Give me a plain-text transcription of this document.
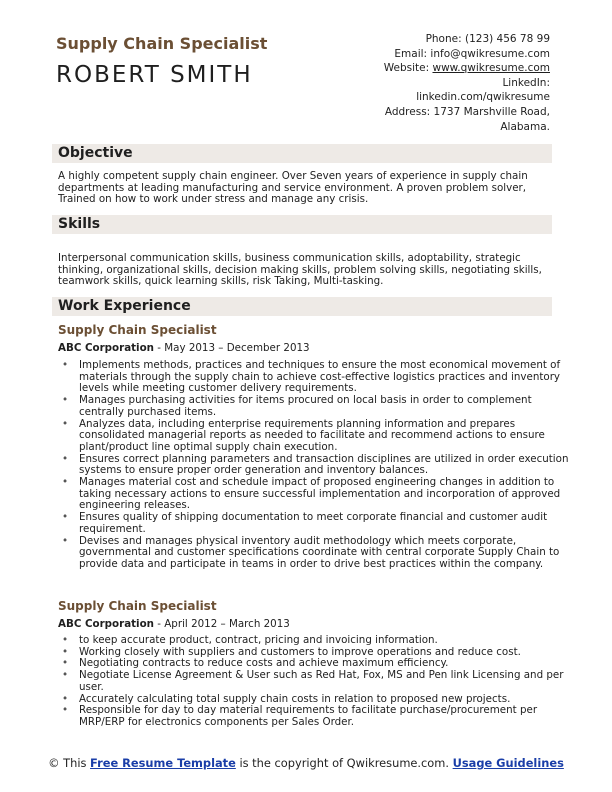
Supply Chain Specialist
ROBERT SMITH
Phone: (123) 456 78 99
Email: info@qwikresume.com
Website: www.qwikresume.com
LinkedIn:
linkedin.com/qwikresume
Address: 1737 Marshville Road,
Alabama.
Objective

A highly competent supply chain engineer. Over Seven years of experience in supply chain departments at leading manufacturing and service environment. A proven problem solver, Trained on how to work under stress and manage any crisis.

Skills

Interpersonal communication skills, business communication skills, adoptability, strategic thinking, organizational skills, decision making skills, problem solving skills, negotiating skills, teamwork skills, quick learning skills, risk Taking, Multi-tasking.

Work Experience
Supply Chain Specialist
ABC Corporation - May 2013 – December 2013
• Implements methods, practices and techniques to ensure the most economical movement of materials through the supply chain to achieve cost-effective logistics practices and inventory levels while meeting customer delivery requirements.
• Manages purchasing activities for items procured on local basis in order to complement centrally purchased items.
• Analyzes data, including enterprise requirements planning information and prepares consolidated managerial reports as needed to facilitate and recommend actions to ensure plant/product line optimal supply chain execution.
• Ensures correct planning parameters and transaction disciplines are utilized in order execution systems to ensure proper order generation and inventory balances.
• Manages material cost and schedule impact of proposed engineering changes in addition to taking necessary actions to ensure successful implementation and incorporation of approved engineering releases.
• Ensures quality of shipping documentation to meet corporate financial and customer audit requirement.
• Devises and manages physical inventory audit methodology which meets corporate, governmental and customer specifications coordinate with central corporate Supply Chain to provide data and participate in teams in order to drive best practices within the company.
Supply Chain Specialist
ABC Corporation - April 2012 – March 2013
• to keep accurate product, contract, pricing and invoicing information.
• Working closely with suppliers and customers to improve operations and reduce cost.
• Negotiating contracts to reduce costs and achieve maximum efficiency.
• Negotiate License Agreement & User such as Red Hat, Fox, MS and Pen link Licensing and per user.
• Accurately calculating total supply chain costs in relation to proposed new projects.
• Responsible for day to day material requirements to facilitate purchase/procurement per MRP/ERP for electronics components per Sales Order.
© This Free Resume Template is the copyright of Qwikresume.com. Usage Guidelines
